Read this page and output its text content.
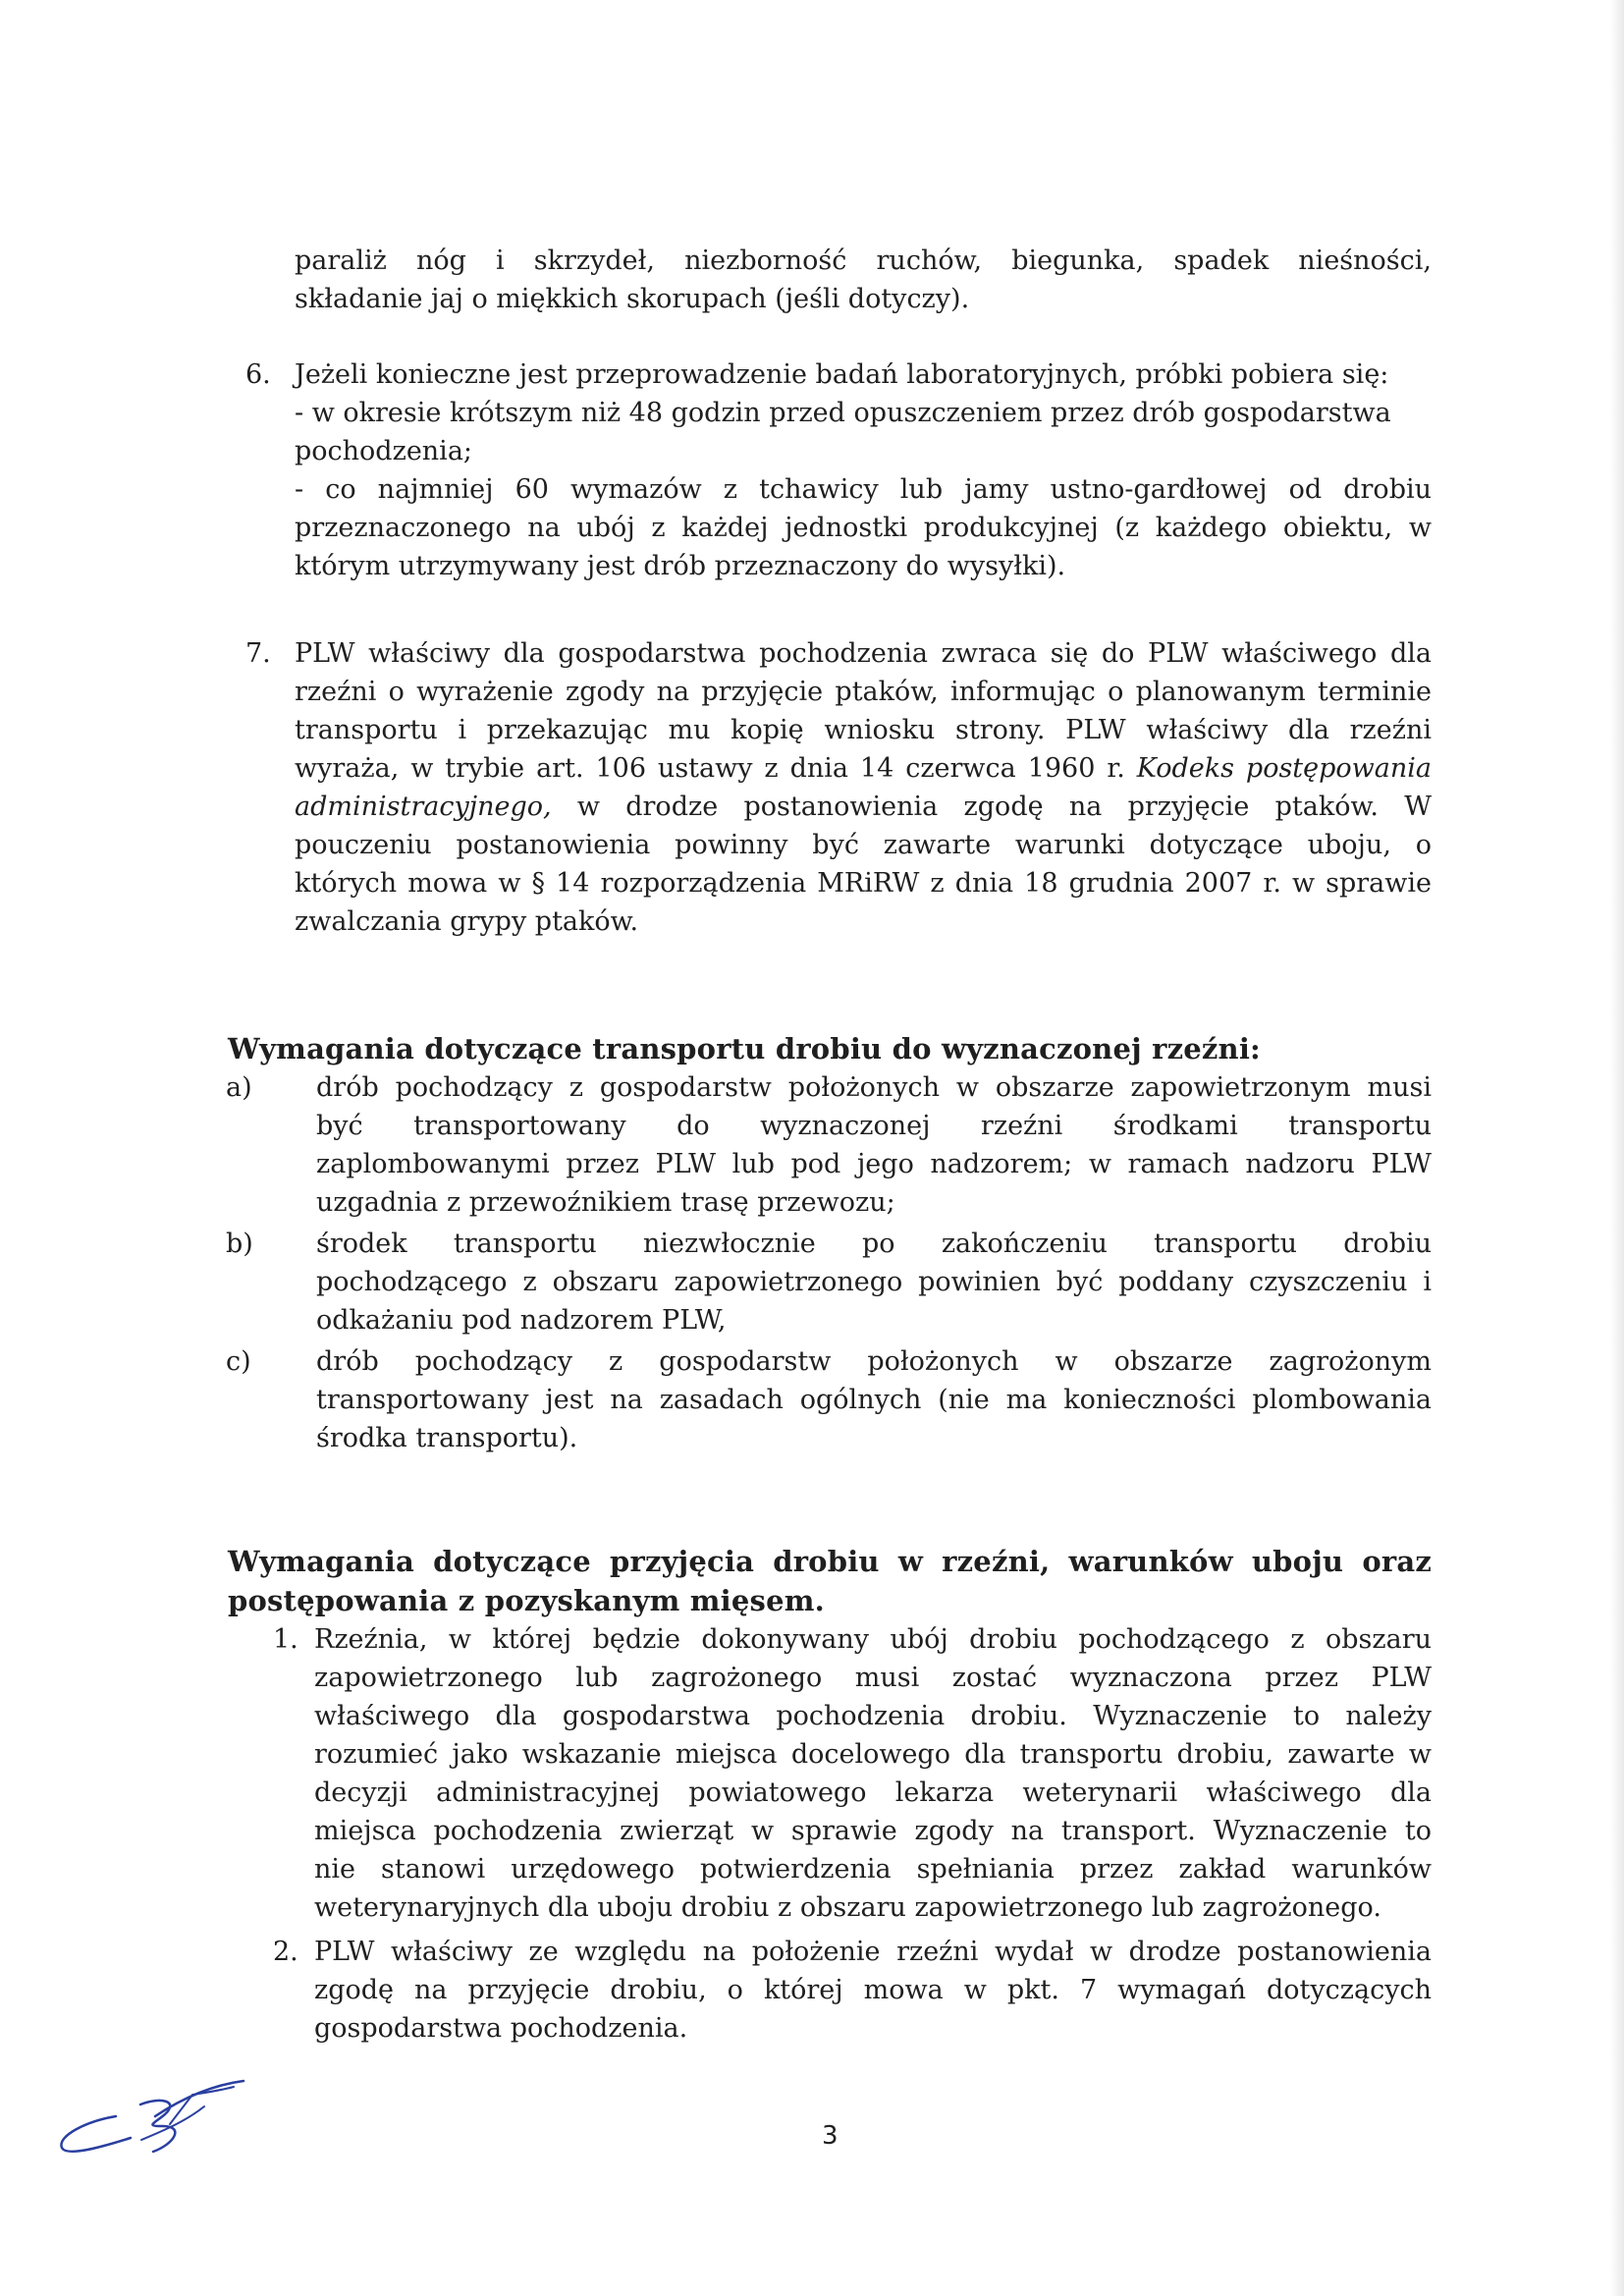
paraliż nóg i skrzydeł, niezborność ruchów, biegunka, spadek nieśności,
składanie jaj o miękkich skorupach (jeśli dotyczy).
6. Jeżeli konieczne jest przeprowadzenie badań laboratoryjnych, próbki pobiera się:
- w okresie krótszym niż 48 godzin przed opuszczeniem przez drób gospodarstwa
pochodzenia;
- co najmniej 60 wymazów z tchawicy lub jamy ustno-gardłowej od drobiu
przeznaczonego na ubój z każdej jednostki produkcyjnej (z każdego obiektu, w
którym utrzymywany jest drób przeznaczony do wysyłki).
7. PLW właściwy dla gospodarstwa pochodzenia zwraca się do PLW właściwego dla
rzeźni o wyrażenie zgody na przyjęcie ptaków, informując o planowanym terminie
transportu i przekazując mu kopię wniosku strony. PLW właściwy dla rzeźni
wyraża, w trybie art. 106 ustawy z dnia 14 czerwca 1960 r. Kodeks postępowania
administracyjnego, w drodze postanowienia zgodę na przyjęcie ptaków. W
pouczeniu postanowienia powinny być zawarte warunki dotyczące uboju, o
których mowa w § 14 rozporządzenia MRiRW z dnia 18 grudnia 2007 r. w sprawie
zwalczania grypy ptaków.
Wymagania dotyczące transportu drobiu do wyznaczonej rzeźni:
a) drób pochodzący z gospodarstw położonych w obszarze zapowietrzonym musi
być transportowany do wyznaczonej rzeźni środkami transportu
zaplombowanymi przez PLW lub pod jego nadzorem; w ramach nadzoru PLW
uzgadnia z przewoźnikiem trasę przewozu;
b) środek transportu niezwłocznie po zakończeniu transportu drobiu
pochodzącego z obszaru zapowietrzonego powinien być poddany czyszczeniu i
odkażaniu pod nadzorem PLW,
c) drób pochodzący z gospodarstw położonych w obszarze zagrożonym
transportowany jest na zasadach ogólnych (nie ma konieczności plombowania
środka transportu).
Wymagania dotyczące przyjęcia drobiu w rzeźni, warunków uboju oraz
postępowania z pozyskanym mięsem.
1. Rzeźnia, w której będzie dokonywany ubój drobiu pochodzącego z obszaru
zapowietrzonego lub zagrożonego musi zostać wyznaczona przez PLW
właściwego dla gospodarstwa pochodzenia drobiu. Wyznaczenie to należy
rozumieć jako wskazanie miejsca docelowego dla transportu drobiu, zawarte w
decyzji administracyjnej powiatowego lekarza weterynarii właściwego dla
miejsca pochodzenia zwierząt w sprawie zgody na transport. Wyznaczenie to
nie stanowi urzędowego potwierdzenia spełniania przez zakład warunków
weterynaryjnych dla uboju drobiu z obszaru zapowietrzonego lub zagrożonego.
2. PLW właściwy ze względu na położenie rzeźni wydał w drodze postanowienia
zgodę na przyjęcie drobiu, o której mowa w pkt. 7 wymagań dotyczących
gospodarstwa pochodzenia.
3
